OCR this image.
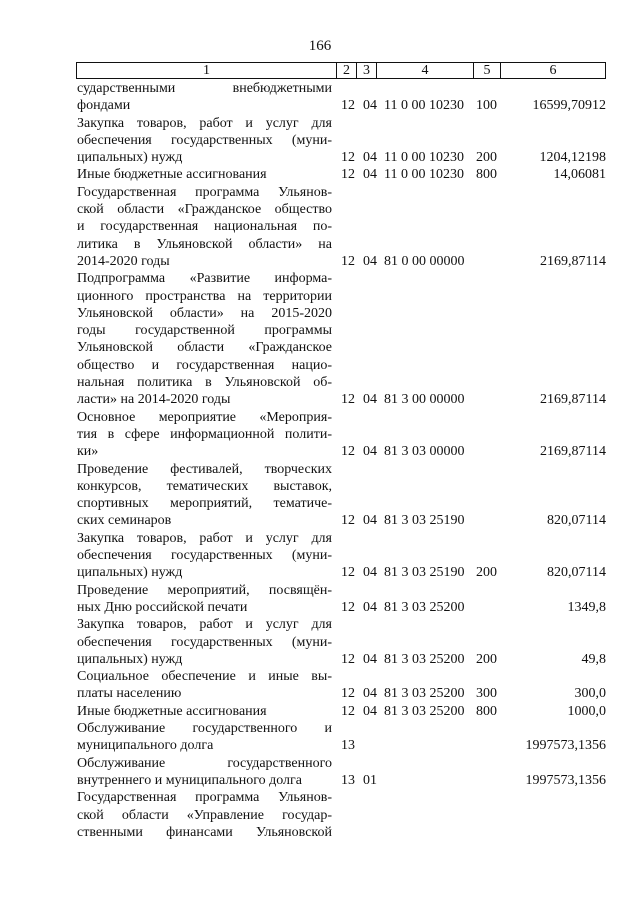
166
1	2 3	4	5	6
сударственными внебюджетными
фондами	12 04 11 0 00 10230 100	16599,70912
Закупка товаров, работ и услуг для
обеспечения государственных (муни-
ципальных) нужд	12 04 11 0 00 10230 200	1204,12198
Иные бюджетные ассигнования	12 04 11 0 00 10230 800	14,06081
Государственная программа Ульянов-
ской области «Гражданское общество
и государственная национальная по-
литика в Ульяновской области» на
2014-2020 годы	12 04 81 0 00 00000	2169,87114
Подпрограмма «Развитие информа-
ционного пространства на территории
Ульяновской области» на 2015-2020
годы государственной программы
Ульяновской области «Гражданское
общество и государственная нацио-
нальная политика в Ульяновской об-
ласти» на 2014-2020 годы	12 04 81 3 00 00000	2169,87114
Основное мероприятие «Мероприя-
тия в сфере информационной полити-
ки»	12 04 81 3 03 00000	2169,87114
Проведение фестивалей, творческих
конкурсов, тематических выставок,
спортивных мероприятий, тематиче-
ских семинаров	12 04 81 3 03 25190	820,07114
Закупка товаров, работ и услуг для
обеспечения государственных (муни-
ципальных) нужд	12 04 81 3 03 25190 200	820,07114
Проведение мероприятий, посвящён-
ных Дню российской печати	12 04 81 3 03 25200	1349,8
Закупка товаров, работ и услуг для
обеспечения государственных (муни-
ципальных) нужд	12 04 81 3 03 25200 200	49,8
Социальное обеспечение и иные вы-
платы населению	12 04 81 3 03 25200 300	300,0
Иные бюджетные ассигнования	12 04 81 3 03 25200 800	1000,0
Обслуживание государственного и
муниципального долга	13	1997573,1356
Обслуживание государственного
внутреннего и муниципального долга	13 01	1997573,1356
Государственная программа Ульянов-
ской области «Управление государ-
ственными финансами Ульяновской
